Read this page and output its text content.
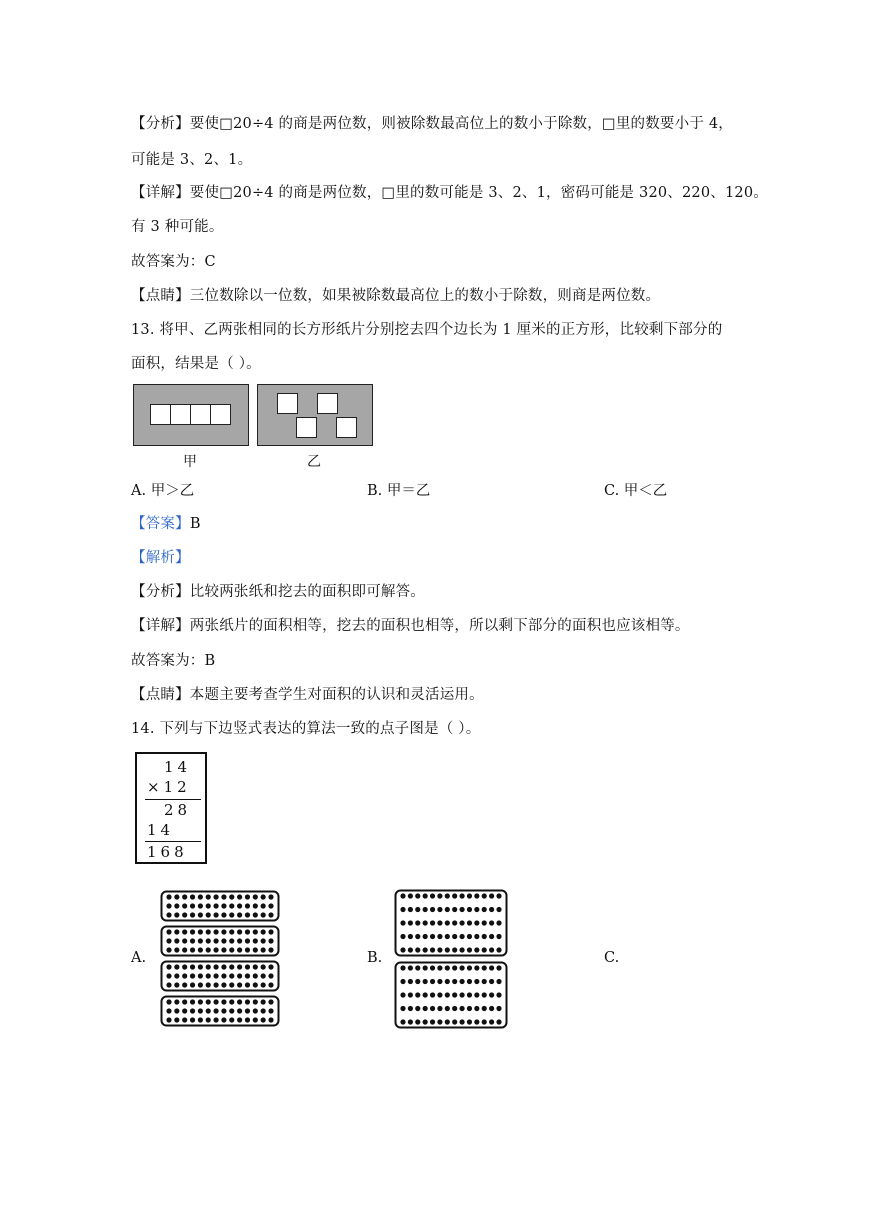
【分析】要使□20÷4 的商是两位数，则被除数最高位上的数小于除数，□里的数要小于 4，
可能是 3、2、1。
【详解】要使□20÷4 的商是两位数，□里的数可能是 3、2、1，密码可能是 320、220、120。
有 3 种可能。
故答案为：C
【点睛】三位数除以一位数，如果被除数最高位上的数小于除数，则商是两位数。
13. 将甲、乙两张相同的长方形纸片分别挖去四个边长为 1 厘米的正方形，比较剩下部分的
面积，结果是（ ）。
甲	乙
A. 甲＞乙	B. 甲＝乙	C. 甲＜乙
【答案】B
【解析】
【分析】比较两张纸和挖去的面积即可解答。
【详解】两张纸片的面积相等，挖去的面积也相等，所以剩下部分的面积也应该相等。
故答案为：B
【点睛】本题主要考查学生对面积的认识和灵活运用。
14. 下列与下边竖式表达的算法一致的点子图是（ ）。
14
×12
28
14
168
A.	B.	C.
